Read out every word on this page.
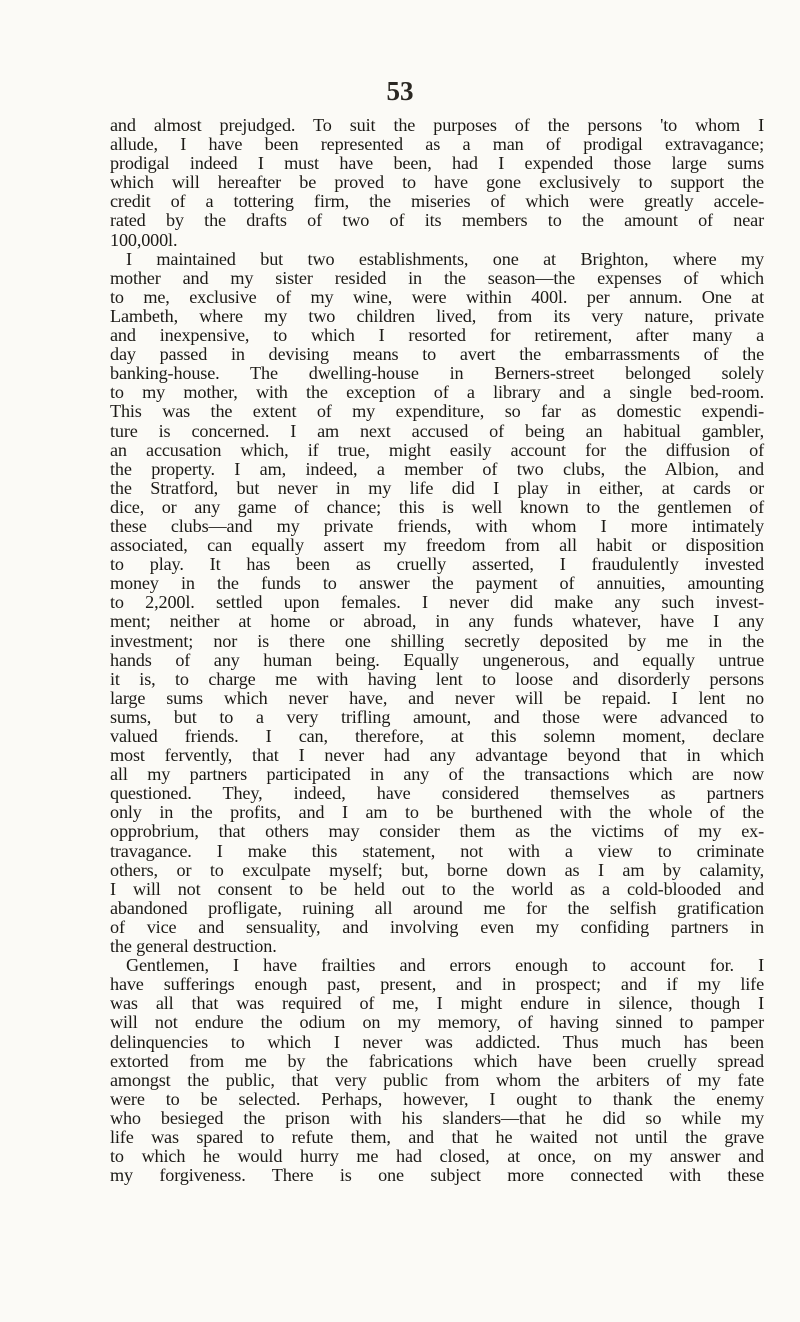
53
and almost prejudged. To suit the purposes of the persons 'to whom I
allude, I have been represented as a man of prodigal extravagance;
prodigal indeed I must have been, had I expended those large sums
which will hereafter be proved to have gone exclusively to support the
credit of a tottering firm, the miseries of which were greatly accele-
rated by the drafts of two of its members to the amount of near
100,000l.
I maintained but two establishments, one at Brighton, where my
mother and my sister resided in the season—the expenses of which
to me, exclusive of my wine, were within 400l. per annum. One at
Lambeth, where my two children lived, from its very nature, private
and inexpensive, to which I resorted for retirement, after many a
day passed in devising means to avert the embarrassments of the
banking-house. The dwelling-house in Berners-street belonged solely
to my mother, with the exception of a library and a single bed-room.
This was the extent of my expenditure, so far as domestic expendi-
ture is concerned. I am next accused of being an habitual gambler,
an accusation which, if true, might easily account for the diffusion of
the property. I am, indeed, a member of two clubs, the Albion, and
the Stratford, but never in my life did I play in either, at cards or
dice, or any game of chance; this is well known to the gentlemen of
these clubs—and my private friends, with whom I more intimately
associated, can equally assert my freedom from all habit or disposition
to play. It has been as cruelly asserted, I fraudulently invested
money in the funds to answer the payment of annuities, amounting
to 2,200l. settled upon females. I never did make any such invest-
ment; neither at home or abroad, in any funds whatever, have I any
investment; nor is there one shilling secretly deposited by me in the
hands of any human being. Equally ungenerous, and equally untrue
it is, to charge me with having lent to loose and disorderly persons
large sums which never have, and never will be repaid. I lent no
sums, but to a very trifling amount, and those were advanced to
valued friends. I can, therefore, at this solemn moment, declare
most fervently, that I never had any advantage beyond that in which
all my partners participated in any of the transactions which are now
questioned. They, indeed, have considered themselves as partners
only in the profits, and I am to be burthened with the whole of the
opprobrium, that others may consider them as the victims of my ex-
travagance. I make this statement, not with a view to criminate
others, or to exculpate myself; but, borne down as I am by calamity,
I will not consent to be held out to the world as a cold-blooded and
abandoned profligate, ruining all around me for the selfish gratification
of vice and sensuality, and involving even my confiding partners in
the general destruction.
Gentlemen, I have frailties and errors enough to account for. I
have sufferings enough past, present, and in prospect; and if my life
was all that was required of me, I might endure in silence, though I
will not endure the odium on my memory, of having sinned to pamper
delinquencies to which I never was addicted. Thus much has been
extorted from me by the fabrications which have been cruelly spread
amongst the public, that very public from whom the arbiters of my fate
were to be selected. Perhaps, however, I ought to thank the enemy
who besieged the prison with his slanders—that he did so while my
life was spared to refute them, and that he waited not until the grave
to which he would hurry me had closed, at once, on my answer and
my forgiveness. There is one subject more connected with these
